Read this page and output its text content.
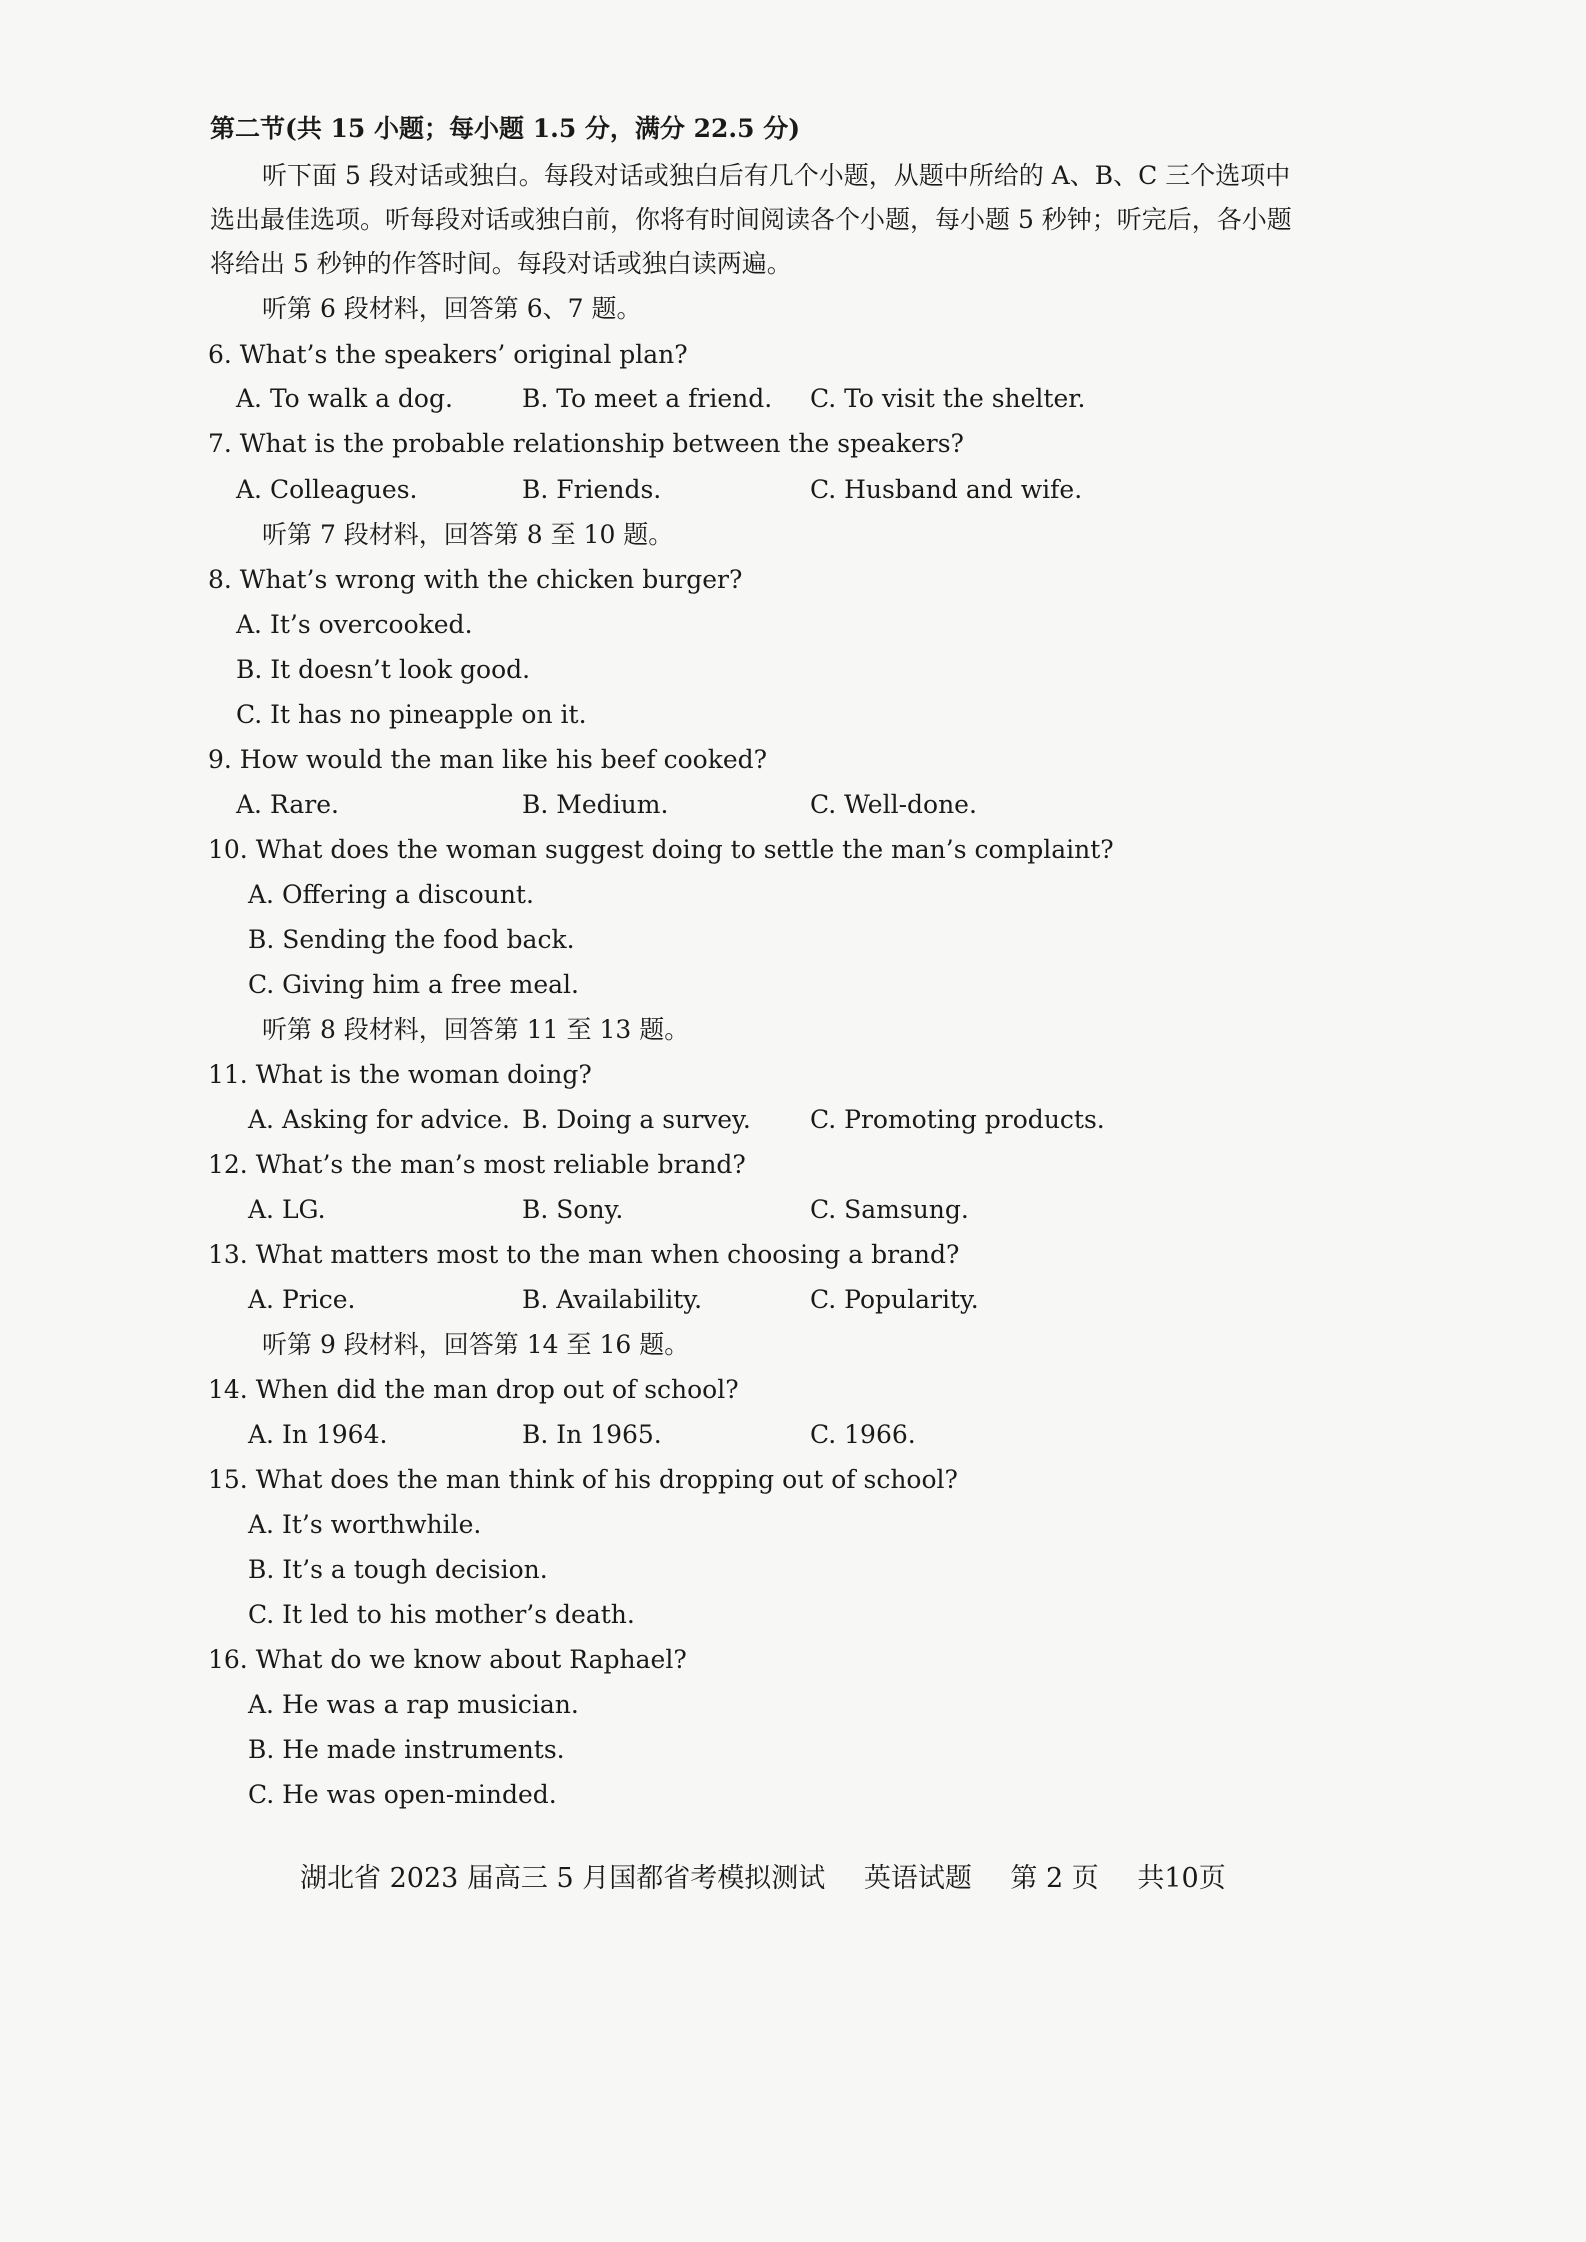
第二节(共 15 小题；每小题 1.5 分，满分 22.5 分)
听下面 5 段对话或独白。每段对话或独白后有几个小题，从题中所给的 A、B、C 三个选项中
选出最佳选项。听每段对话或独白前，你将有时间阅读各个小题，每小题 5 秒钟；听完后，各小题
将给出 5 秒钟的作答时间。每段对话或独白读两遍。
听第 6 段材料，回答第 6、7 题。
6. What’s the speakers’ original plan?
A. To walk a dog.	B. To meet a friend. C. To visit the shelter.
7. What is the probable relationship between the speakers?
A. Colleagues.	B. Friends.	C. Husband and wife.
听第 7 段材料，回答第 8 至 10 题。
8. What’s wrong with the chicken burger?
A. It’s overcooked.
B. It doesn’t look good.
C. It has no pineapple on it.
9. How would the man like his beef cooked?
A. Rare.	B. Medium.	C. Well-done.
10. What does the woman suggest doing to settle the man’s complaint?
A. Offering a discount.
B. Sending the food back.
C. Giving him a free meal.
听第 8 段材料，回答第 11 至 13 题。
11. What is the woman doing?
A. Asking for advice. B. Doing a survey. C. Promoting products.
12. What’s the man’s most reliable brand?
A. LG.	B. Sony.	C. Samsung.
13. What matters most to the man when choosing a brand?
A. Price.	B. Availability.	C. Popularity.
听第 9 段材料，回答第 14 至 16 题。
14. When did the man drop out of school?
A. In 1964.	B. In 1965.	C. 1966.
15. What does the man think of his dropping out of school?
A. It’s worthwhile.
B. It’s a tough decision.
C. It led to his mother’s death.
16. What do we know about Raphael?
A. He was a rap musician.
B. He made instruments.
C. He was open-minded.
湖北省 2023 届高三 5 月国都省考模拟测试 英语试题 第 2 页 共10页
